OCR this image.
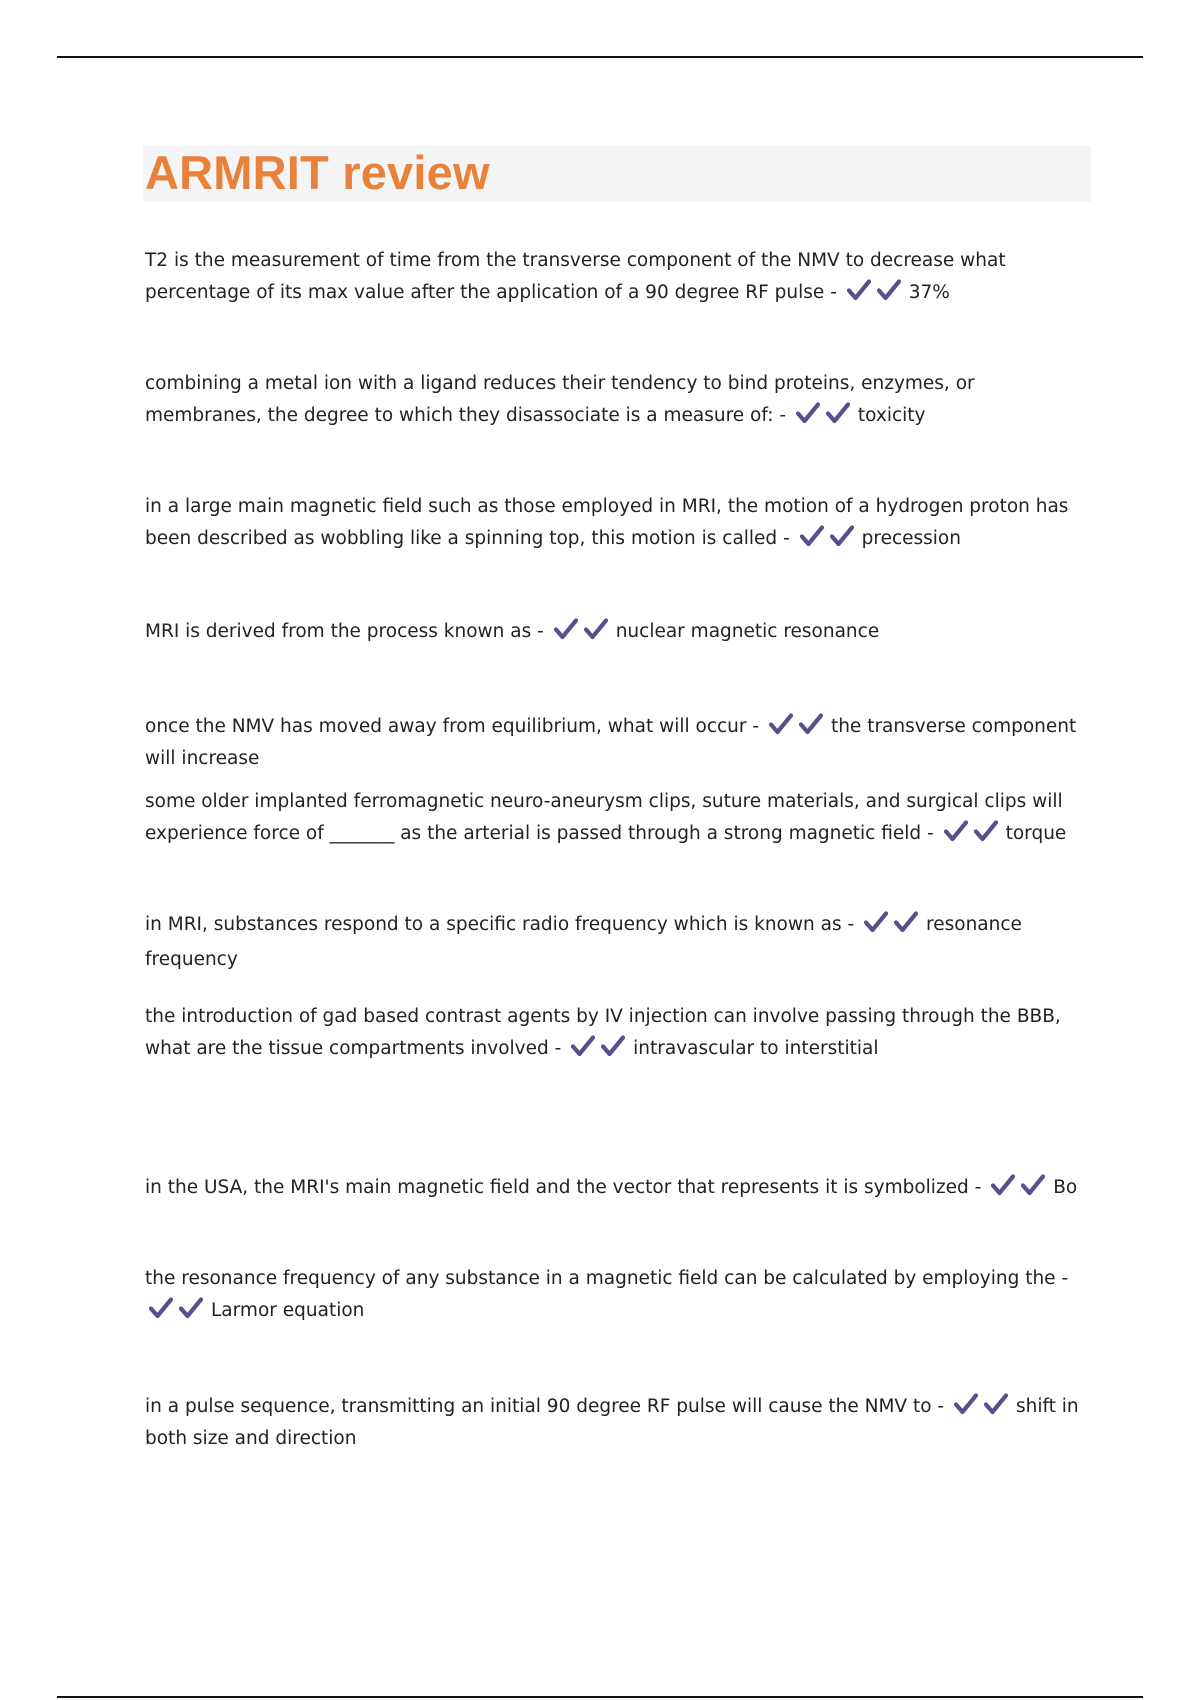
ARMRIT review
T2 is the measurement of time from the transverse component of the NMV to decrease what percentage of its max value after the application of a 90 degree RF pulse -	37%
combining a metal ion with a ligand reduces their tendency to bind proteins, enzymes, or membranes, the degree to which they disassociate is a measure of: -	toxicity
in a large main magnetic field such as those employed in MRI, the motion of a hydrogen proton has been described as wobbling like a spinning top, this motion is called -	precession
MRI is derived from the process known as -	nuclear magnetic resonance
once the NMV has moved away from equilibrium, what will occur -	the transverse component will increase
some older implanted ferromagnetic neuro-aneurysm clips, suture materials, and surgical clips will experience force of _______ as the arterial is passed through a strong magnetic field -	torque
in MRI, substances respond to a specific radio frequency which is known as -	resonance frequency
the introduction of gad based contrast agents by IV injection can involve passing through the BBB, what are the tissue compartments involved -	intravascular to interstitial
in the USA, the MRI's main magnetic field and the vector that represents it is symbolized -	Bo
the resonance frequency of any substance in a magnetic field can be calculated by employing the -
Larmor equation
in a pulse sequence, transmitting an initial 90 degree RF pulse will cause the NMV to -	shift in both size and direction
